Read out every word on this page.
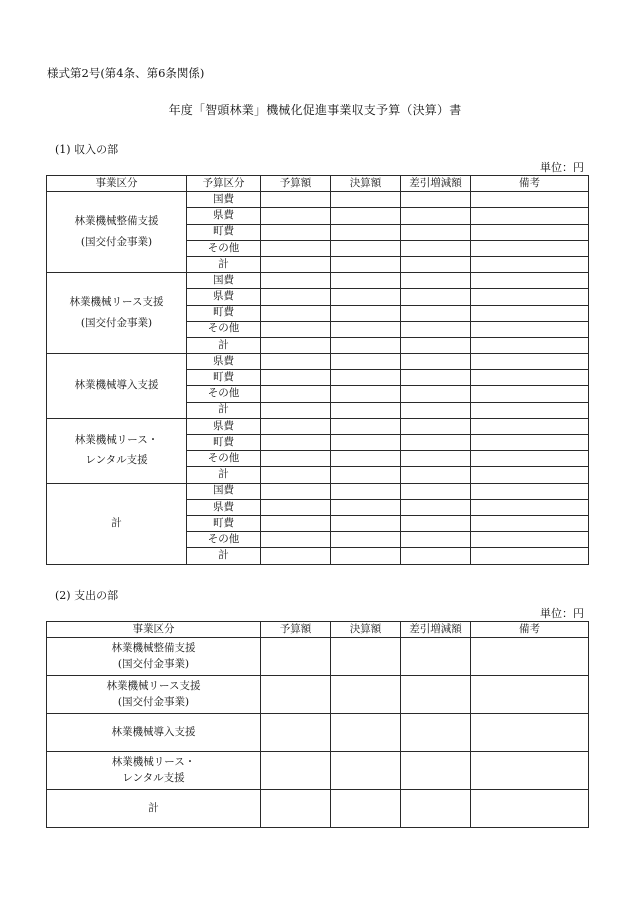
様式第2号(第4条、第6条関係)
年度「智頭林業」機械化促進事業収支予算（決算）書
(1) 収入の部
単位：円
事業区分	予算区分	予算額	決算額	差引増減額	備考

林業機械整備支援
(国交付金事業)	国費				
	県費				
	町費				
	その他				
	計				

林業機械リース支援
(国交付金事業)	国費				
	県費				
	町費				
	その他				
	計				

林業機械導入支援	県費				
	町費				
	その他				
	計				

林業機械リース・
レンタル支援	県費				
	町費				
	その他				
	計				

計	国費				
	県費				
	町費				
	その他				
	計				
(2) 支出の部
単位：円
事業区分	予算額	決算額	差引増減額	備考

林業機械整備支援
(国交付金事業)				

林業機械リース支援
(国交付金事業)				

林業機械導入支援				

林業機械リース・
レンタル支援				

計				
